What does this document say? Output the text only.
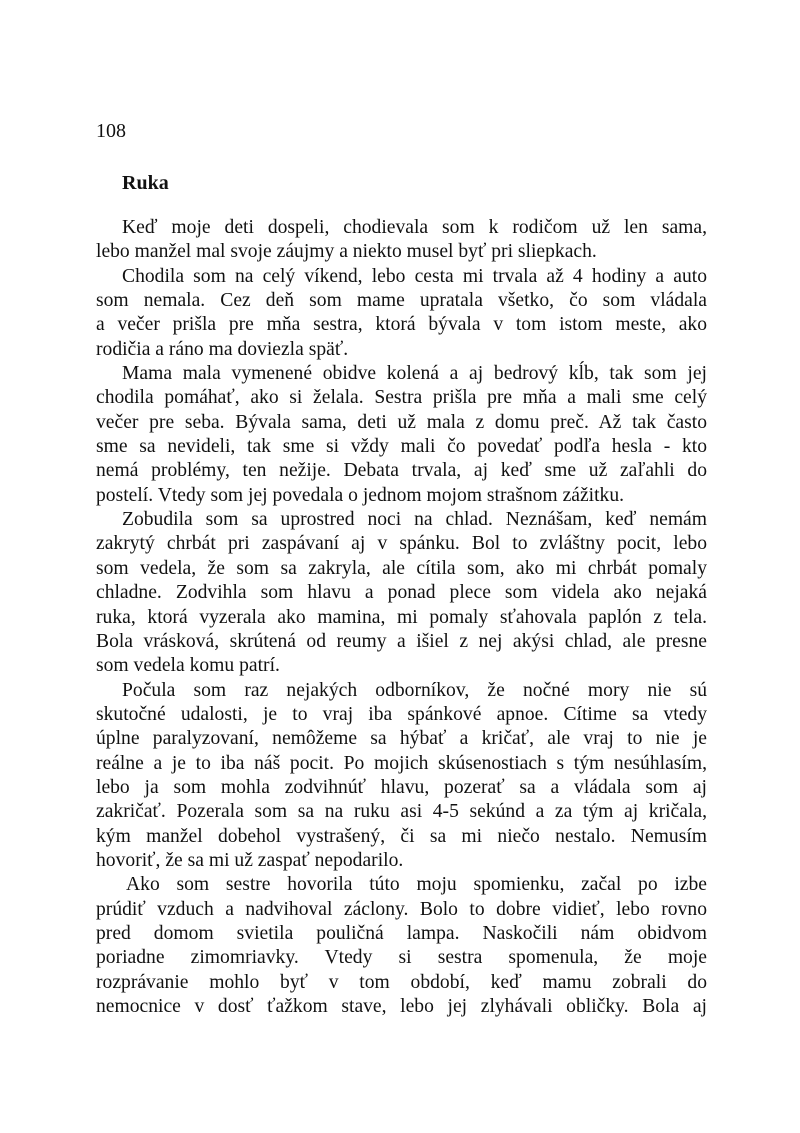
108
Ruka
Keď moje deti dospeli, chodievala som k rodičom už len sama,
lebo manžel mal svoje záujmy a niekto musel byť pri sliepkach.
Chodila som na celý víkend, lebo cesta mi trvala až 4 hodiny a auto
som nemala. Cez deň som mame upratala všetko, čo som vládala
a večer prišla pre mňa sestra, ktorá bývala v tom istom meste, ako
rodičia a ráno ma doviezla späť.
Mama mala vymenené obidve kolená a aj bedrový kĺb, tak som jej
chodila pomáhať, ako si želala. Sestra prišla pre mňa a mali sme celý
večer pre seba. Bývala sama, deti už mala z domu preč. Až tak často
sme sa nevideli, tak sme si vždy mali čo povedať podľa hesla - kto
nemá problémy, ten nežije. Debata trvala, aj keď sme už zaľahli do
postelí. Vtedy som jej povedala o jednom mojom strašnom zážitku.
Zobudila som sa uprostred noci na chlad. Neznášam, keď nemám
zakrytý chrbát pri zaspávaní aj v spánku. Bol to zvláštny pocit, lebo
som vedela, že som sa zakryla, ale cítila som, ako mi chrbát pomaly
chladne. Zodvihla som hlavu a ponad plece som videla ako nejaká
ruka, ktorá vyzerala ako mamina, mi pomaly sťahovala paplón z tela.
Bola vrásková, skrútená od reumy a išiel z nej akýsi chlad, ale presne
som vedela komu patrí.
Počula som raz nejakých odborníkov, že nočné mory nie sú
skutočné udalosti, je to vraj iba spánkové apnoe. Cítime sa vtedy
úplne paralyzovaní, nemôžeme sa hýbať a kričať, ale vraj to nie je
reálne a je to iba náš pocit. Po mojich skúsenostiach s tým nesúhlasím,
lebo ja som mohla zodvihnúť hlavu, pozerať sa a vládala som aj
zakričať. Pozerala som sa na ruku asi 4-5 sekúnd a za tým aj kričala,
kým manžel dobehol vystrašený, či sa mi niečo nestalo. Nemusím
hovoriť, že sa mi už zaspať nepodarilo.
Ako som sestre hovorila túto moju spomienku, začal po izbe
prúdiť vzduch a nadvihoval záclony. Bolo to dobre vidieť, lebo rovno
pred domom svietila pouličná lampa. Naskočili nám obidvom
poriadne zimomriavky. Vtedy si sestra spomenula, že moje
rozprávanie mohlo byť v tom období, keď mamu zobrali do
nemocnice v dosť ťažkom stave, lebo jej zlyhávali obličky. Bola aj
